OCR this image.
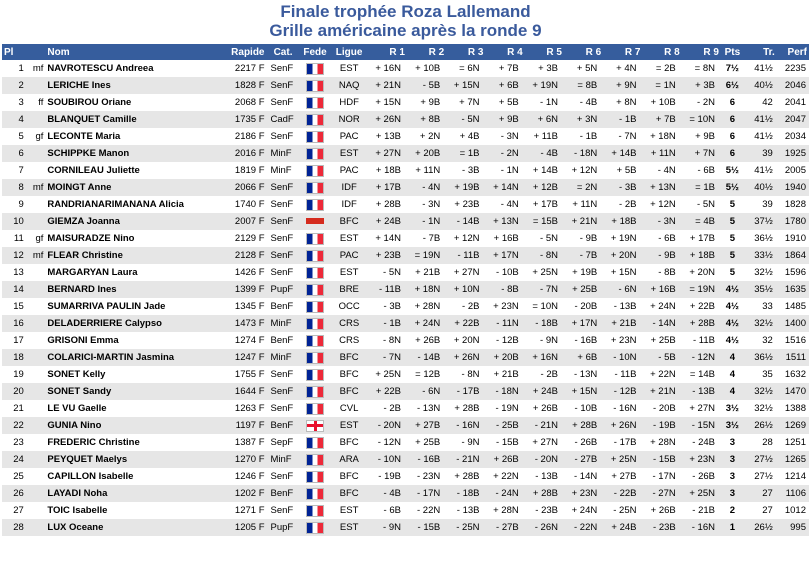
Finale trophée Roza Lallemand
Grille américaine après la ronde 9
Pl		Nom	Rapide	Cat.	Fede	Ligue	R 1	R 2	R 3	R 4	R 5	R 6	R 7	R 8	R 9	Pts	Tr.	Perf
1	mf	NAVROTESCU Andreea	2217 F	SenF		EST	+ 16N	+ 10B	= 6N	+ 7B	+ 3B	+ 5N	+ 4N	= 2B	= 8N	7½	41½	2235
2		LERICHE Ines	1828 F	SenF		NAQ	+ 21N	- 5B	+ 15N	+ 6B	+ 19N	= 8B	+ 9N	= 1N	+ 3B	6½	40½	2046
3	ff	SOUBIROU Oriane	2068 F	SenF		HDF	+ 15N	+ 9B	+ 7N	+ 5B	- 1N	- 4B	+ 8N	+ 10B	- 2N	6	42	2041
4		BLANQUET Camille	1735 F	CadF		NOR	+ 26N	+ 8B	- 5N	+ 9B	+ 6N	+ 3N	- 1B	+ 7B	= 10N	6	41½	2047
5	gf	LECONTE Maria	2186 F	SenF		PAC	+ 13B	+ 2N	+ 4B	- 3N	+ 11B	- 1B	- 7N	+ 18N	+ 9B	6	41½	2034
6		SCHIPPKE Manon	2016 F	MinF		EST	+ 27N	+ 20B	= 1B	- 2N	- 4B	- 18N	+ 14B	+ 11N	+ 7N	6	39	1925
7		CORNILEAU Juliette	1819 F	MinF		PAC	+ 18B	+ 11N	- 3B	- 1N	+ 14B	+ 12N	+ 5B	- 4N	- 6B	5½	41½	2005
8	mf	MOINGT Anne	2066 F	SenF		IDF	+ 17B	- 4N	+ 19B	+ 14N	+ 12B	= 2N	- 3B	+ 13N	= 1B	5½	40½	1940
9		RANDRIANARIMANANA Alicia	1740 F	SenF		IDF	+ 28B	- 3N	+ 23B	- 4N	+ 17B	+ 11N	- 2B	+ 12N	- 5N	5	39	1828
10		GIEMZA Joanna	2007 F	SenF		BFC	+ 24B	- 1N	- 14B	+ 13N	= 15B	+ 21N	+ 18B	- 3N	= 4B	5	37½	1780
11	gf	MAISURADZE Nino	2129 F	SenF		EST	+ 14N	- 7B	+ 12N	+ 16B	- 5N	- 9B	+ 19N	- 6B	+ 17B	5	36½	1910
12	mf	FLEAR Christine	2128 F	SenF		PAC	+ 23B	= 19N	- 11B	+ 17N	- 8N	- 7B	+ 20N	- 9B	+ 18B	5	33½	1864
13		MARGARYAN Laura	1426 F	SenF		EST	- 5N	+ 21B	+ 27N	- 10B	+ 25N	+ 19B	+ 15N	- 8B	+ 20N	5	32½	1596
14		BERNARD Ines	1399 F	PupF		BRE	- 11B	+ 18N	+ 10N	- 8B	- 7N	+ 25B	- 6N	+ 16B	= 19N	4½	35½	1635
15		SUMARRIVA PAULIN Jade	1345 F	BenF		OCC	- 3B	+ 28N	- 2B	+ 23N	= 10N	- 20B	- 13B	+ 24N	+ 22B	4½	33	1485
16		DELADERRIERE Calypso	1473 F	MinF		CRS	- 1B	+ 24N	+ 22B	- 11N	- 18B	+ 17N	+ 21B	- 14N	+ 28B	4½	32½	1400
17		GRISONI Emma	1274 F	BenF		CRS	- 8N	+ 26B	+ 20N	- 12B	- 9N	- 16B	+ 23N	+ 25B	- 11B	4½	32	1516
18		COLARICI-MARTIN Jasmina	1247 F	MinF		BFC	- 7N	- 14B	+ 26N	+ 20B	+ 16N	+ 6B	- 10N	- 5B	- 12N	4	36½	1511
19		SONET Kelly	1755 F	SenF		BFC	+ 25N	= 12B	- 8N	+ 21B	- 2B	- 13N	- 11B	+ 22N	= 14B	4	35	1632
20		SONET Sandy	1644 F	SenF		BFC	+ 22B	- 6N	- 17B	- 18N	+ 24B	+ 15N	- 12B	+ 21N	- 13B	4	32½	1470
21		LE VU Gaelle	1263 F	SenF		CVL	- 2B	- 13N	+ 28B	- 19N	+ 26B	- 10B	- 16N	- 20B	+ 27N	3½	32½	1388
22		GUNIA Nino	1197 F	BenF		EST	- 20N	+ 27B	- 16N	- 25B	- 21N	+ 28B	+ 26N	- 19B	- 15N	3½	26½	1269
23		FREDERIC Christine	1387 F	SepF		BFC	- 12N	+ 25B	- 9N	- 15B	+ 27N	- 26B	- 17B	+ 28N	- 24B	3	28	1251
24		PEYQUET Maelys	1270 F	MinF		ARA	- 10N	- 16B	- 21N	+ 26B	- 20N	- 27B	+ 25N	- 15B	+ 23N	3	27½	1265
25		CAPILLON Isabelle	1246 F	SenF		BFC	- 19B	- 23N	+ 28B	+ 22N	- 13B	- 14N	+ 27B	- 17N	- 26B	3	27½	1214
26		LAYADI Noha	1202 F	BenF		BFC	- 4B	- 17N	- 18B	- 24N	+ 28B	+ 23N	- 22B	- 27N	+ 25N	3	27	1106
27		TOIC Isabelle	1271 F	SenF		EST	- 6B	- 22N	- 13B	+ 28N	- 23B	+ 24N	- 25N	+ 26B	- 21B	2	27	1012
28		LUX Oceane	1205 F	PupF		EST	- 9N	- 15B	- 25N	- 27B	- 26N	- 22N	+ 24B	- 23B	- 16N	1	26½	995
